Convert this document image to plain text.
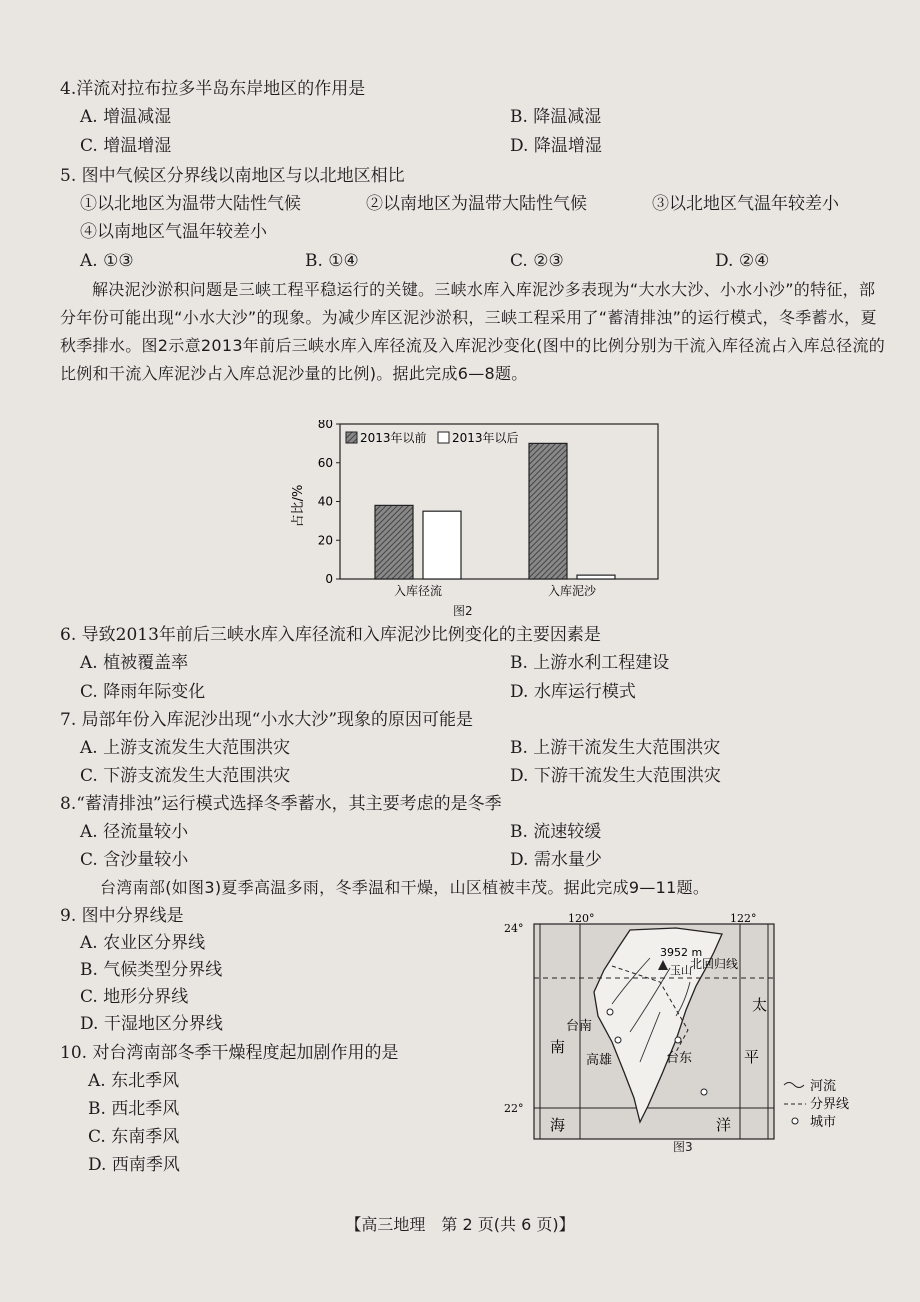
4.洋流对拉布拉多半岛东岸地区的作用是
A. 增温减湿	B. 降温减湿
C. 增温增湿	D. 降温增湿
5. 图中气候区分界线以南地区与以北地区相比
①以北地区为温带大陆性气候	②以南地区为温带大陆性气候	③以北地区气温年较差小
④以南地区气温年较差小
A. ①③	B. ①④	C. ②③	D. ②④
解决泥沙淤积问题是三峡工程平稳运行的关键。三峡水库入库泥沙多表现为“大水大沙、小水小沙”的特征，部分年份可能出现“小水大沙”的现象。为减少库区泥沙淤积，三峡工程采用了“蓄清排浊”的运行模式，冬季蓄水，夏秋季排水。图2示意2013年前后三峡水库入库径流及入库泥沙变化(图中的比例分别为干流入库径流占入库总径流的比例和干流入库泥沙占入库总泥沙量的比例)。据此完成6—8题。
0
20
40
60
80
占比/%
2013年以前 2013年以后
入库径流	入库泥沙
图2
6. 导致2013年前后三峡水库入库径流和入库泥沙比例变化的主要因素是
A. 植被覆盖率	B. 上游水利工程建设
C. 降雨年际变化	D. 水库运行模式
7. 局部年份入库泥沙出现“小水大沙”现象的原因可能是
A. 上游支流发生大范围洪灾	B. 上游干流发生大范围洪灾
C. 下游支流发生大范围洪灾	D. 下游干流发生大范围洪灾
8.“蓄清排浊”运行模式选择冬季蓄水，其主要考虑的是冬季
A. 径流量较小	B. 流速较缓
C. 含沙量较小	D. 需水量少
台湾南部(如图3)夏季高温多雨，冬季温和干燥，山区植被丰茂。据此完成9—11题。
9. 图中分界线是
A. 农业区分界线
B. 气候类型分界线
C. 地形分界线
D. 干湿地区分界线
10. 对台湾南部冬季干燥程度起加剧作用的是
A. 东北季风
B. 西北季风
C. 东南季风
D. 西南季风
北回归线
3952 m
玉山
台南
高雄	台东
南
海
太
平
洋
120°	122°
24°
22°
河流
分界线
城市
图3
【高三地理　第 2 页(共 6 页)】
